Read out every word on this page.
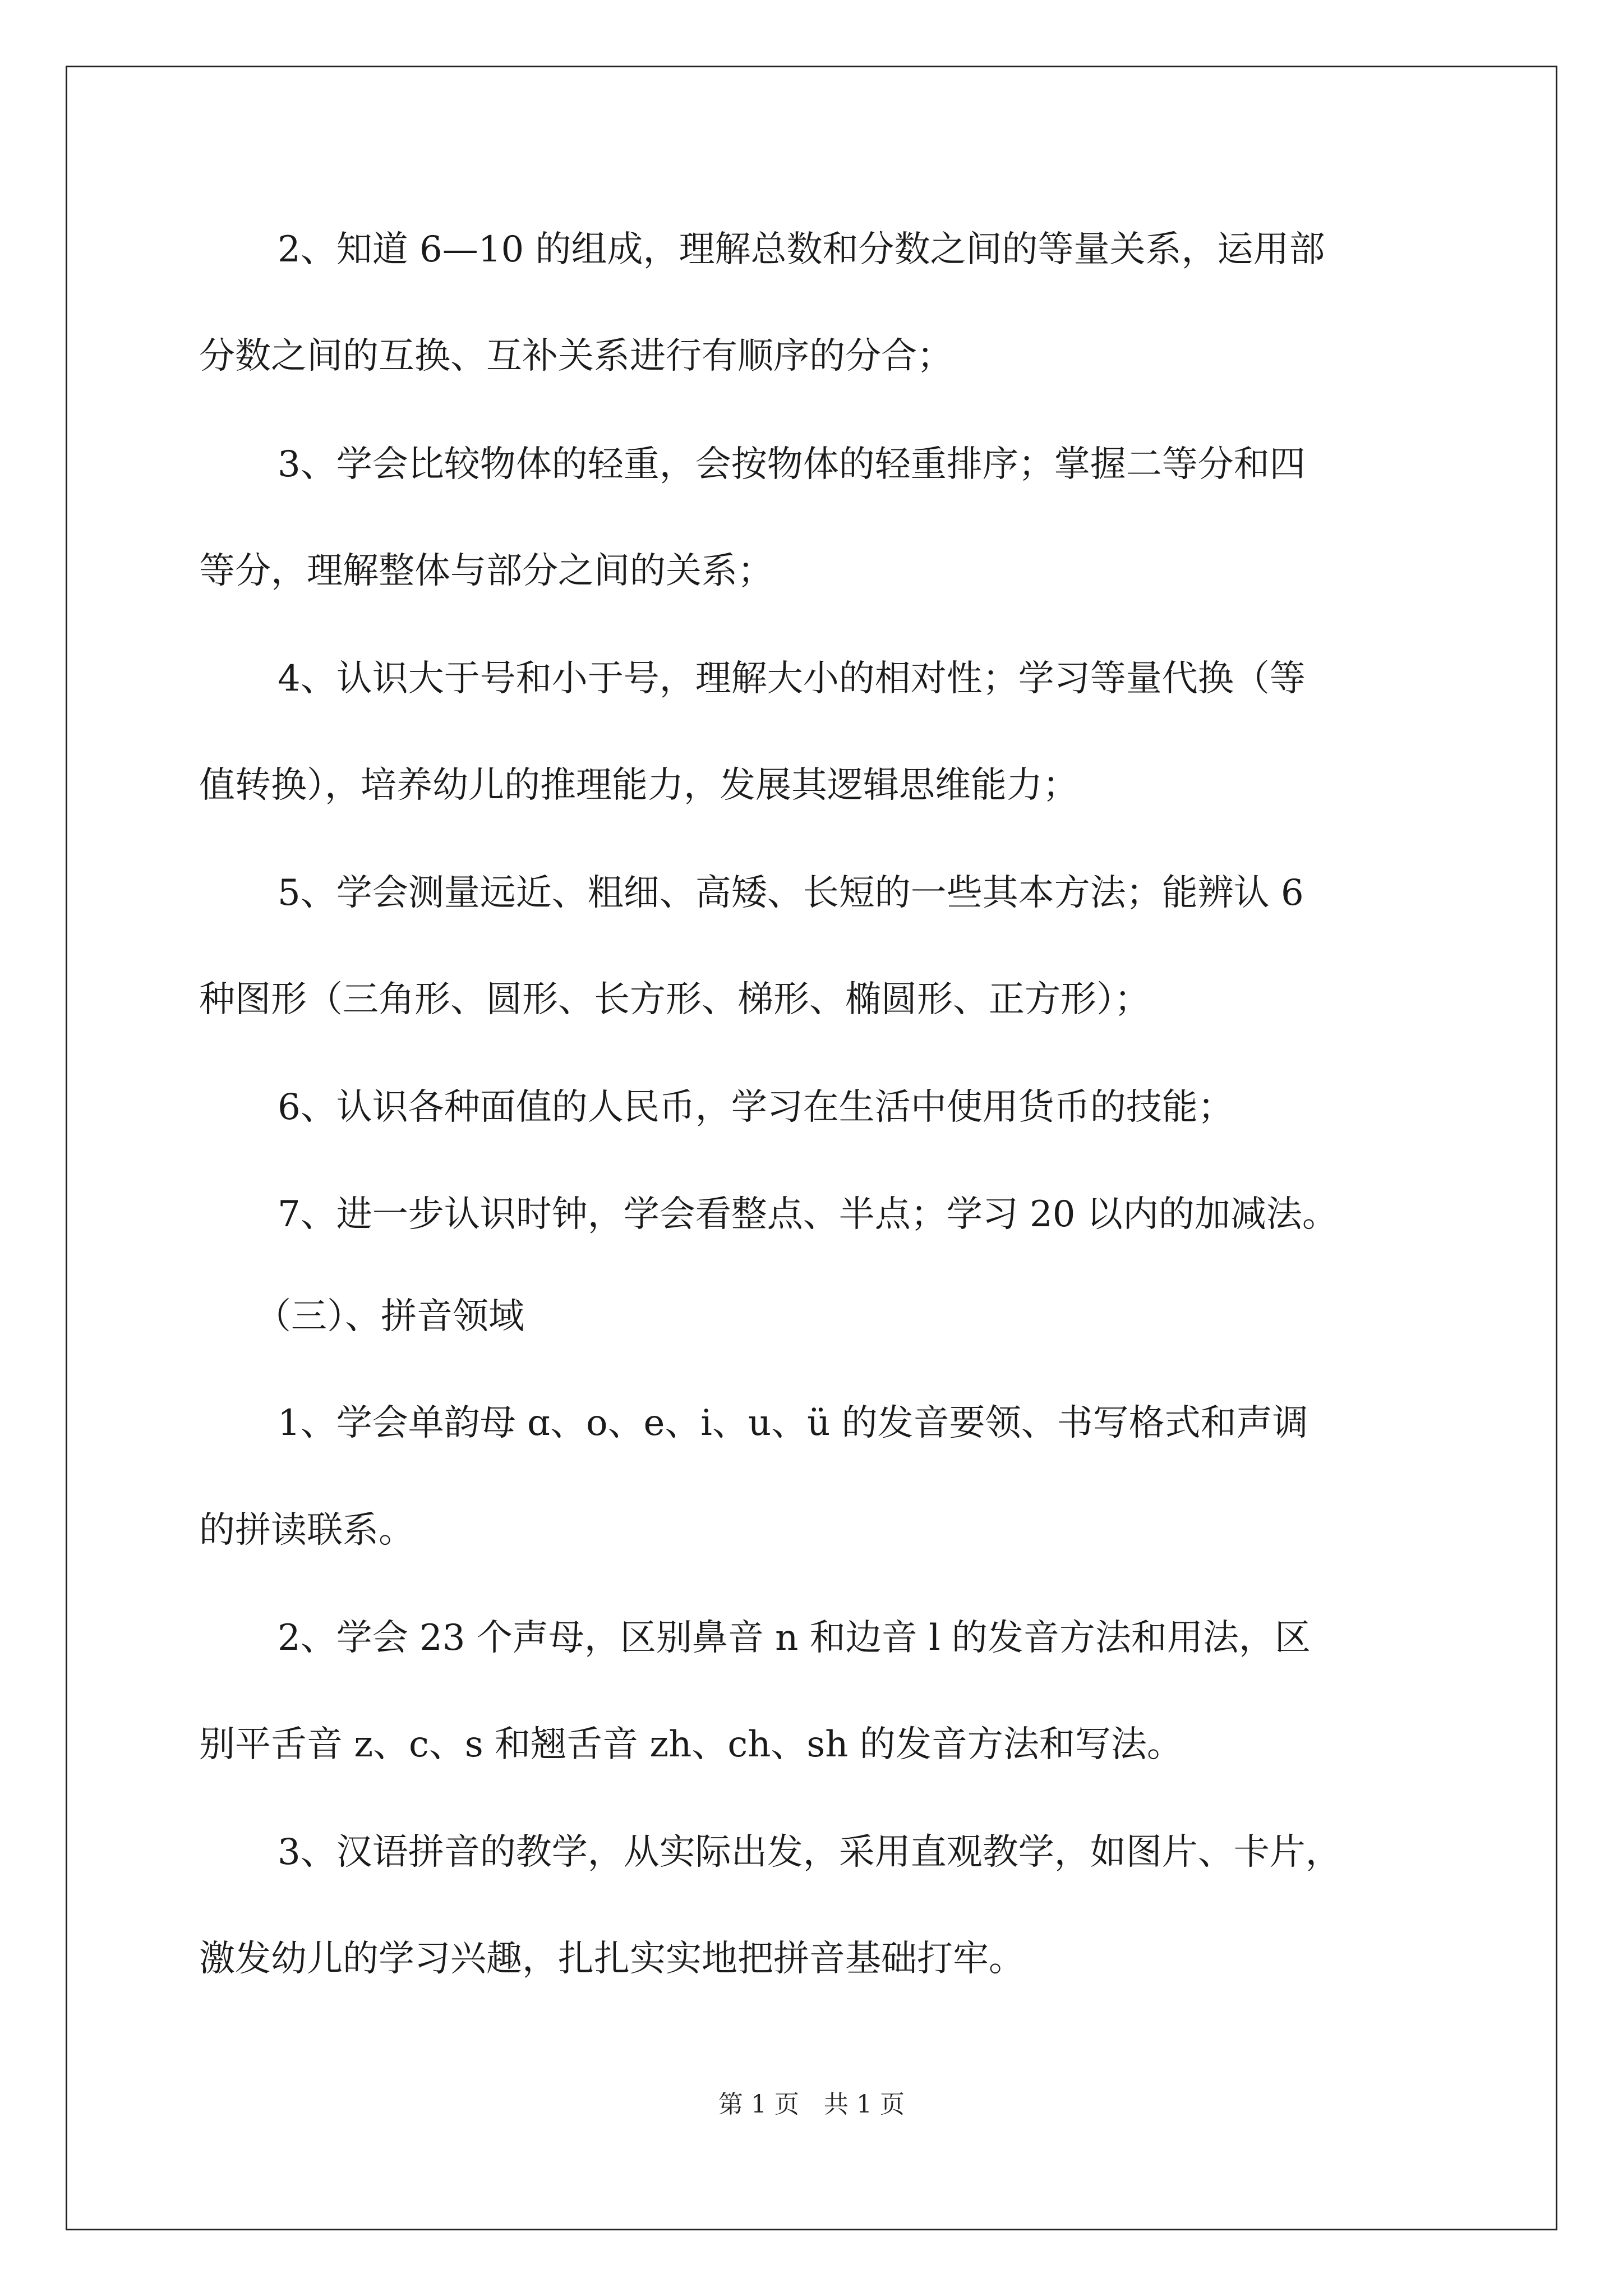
2、知道 6—10 的组成，理解总数和分数之间的等量关系，运用部
分数之间的互换、互补关系进行有顺序的分合；
3、学会比较物体的轻重，会按物体的轻重排序；掌握二等分和四
等分，理解整体与部分之间的关系；
4、认识大于号和小于号，理解大小的相对性；学习等量代换（等
值转换），培养幼儿的推理能力，发展其逻辑思维能力；
5、学会测量远近、粗细、高矮、长短的一些其本方法；能辨认 6
种图形（三角形、圆形、长方形、梯形、椭圆形、正方形）；
6、认识各种面值的人民币，学习在生活中使用货币的技能；
7、进一步认识时钟，学会看整点、半点；学习 20 以内的加减法。
（三）、拼音领域
1、学会单韵母 ɑ、o、e、i、u、ü 的发音要领、书写格式和声调
的拼读联系。
2、学会 23 个声母，区别鼻音 n 和边音 l 的发音方法和用法，区
别平舌音 z、c、s 和翘舌音 zh、ch、sh 的发音方法和写法。
3、汉语拼音的教学，从实际出发，采用直观教学，如图片、卡片，
激发幼儿的学习兴趣，扎扎实实地把拼音基础打牢。
第 1 页　共 1 页
